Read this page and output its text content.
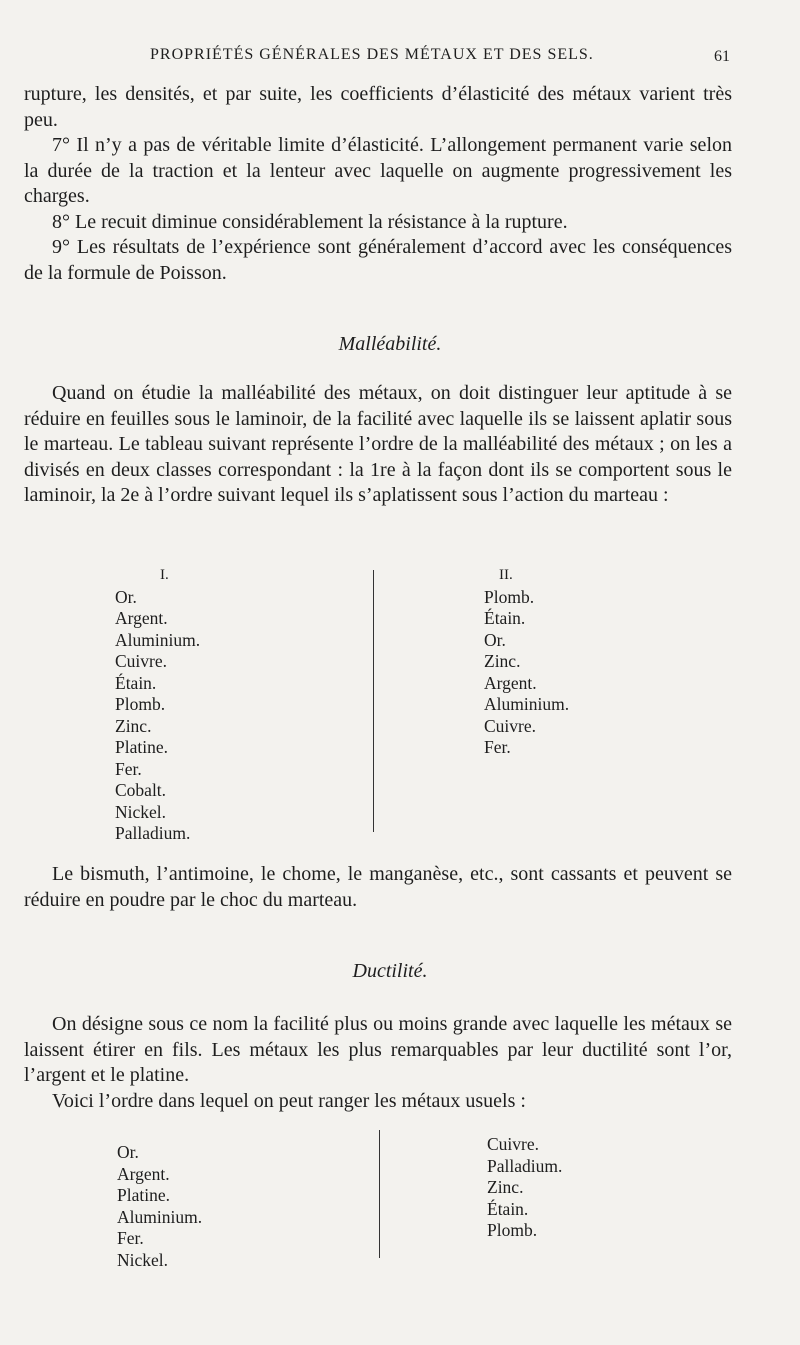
PROPRIÉTÉS GÉNÉRALES DES MÉTAUX ET DES SELS.	61

rupture, les densités, et par suite, les coefficients d’élasticité des métaux varient très peu.

7° Il n’y a pas de véritable limite d’élasticité. L’allongement permanent varie selon la durée de la traction et la lenteur avec laquelle on augmente progressivement les charges.

8° Le recuit diminue considérablement la résistance à la rupture.

9° Les résultats de l’expérience sont généralement d’accord avec les conséquences de la formule de Poisson.

Malléabilité.

Quand on étudie la malléabilité des métaux, on doit distinguer leur aptitude à se réduire en feuilles sous le laminoir, de la facilité avec laquelle ils se laissent aplatir sous le marteau. Le tableau suivant représente l’ordre de la malléabilité des métaux ; on les a divisés en deux classes correspondant : la 1re à la façon dont ils se comportent sous le laminoir, la 2e à l’ordre suivant lequel ils s’aplatissent sous l’action du marteau :

I.
Or.
Argent.
Aluminium.
Cuivre.
Étain.
Plomb.
Zinc.
Platine.
Fer.
Cobalt.
Nickel.
Palladium.
II.
Plomb.
Étain.
Or.
Zinc.
Argent.
Aluminium.
Cuivre.
Fer.

Le bismuth, l’antimoine, le chome, le manganèse, etc., sont cassants et peuvent se réduire en poudre par le choc du marteau.

Ductilité.

On désigne sous ce nom la facilité plus ou moins grande avec laquelle les métaux se laissent étirer en fils. Les métaux les plus remarquables par leur ductilité sont l’or, l’argent et le platine.

Voici l’ordre dans lequel on peut ranger les métaux usuels :

Or.
Argent.
Platine.
Aluminium.
Fer.
Nickel.
Cuivre.
Palladium.
Zinc.
Étain.
Plomb.
